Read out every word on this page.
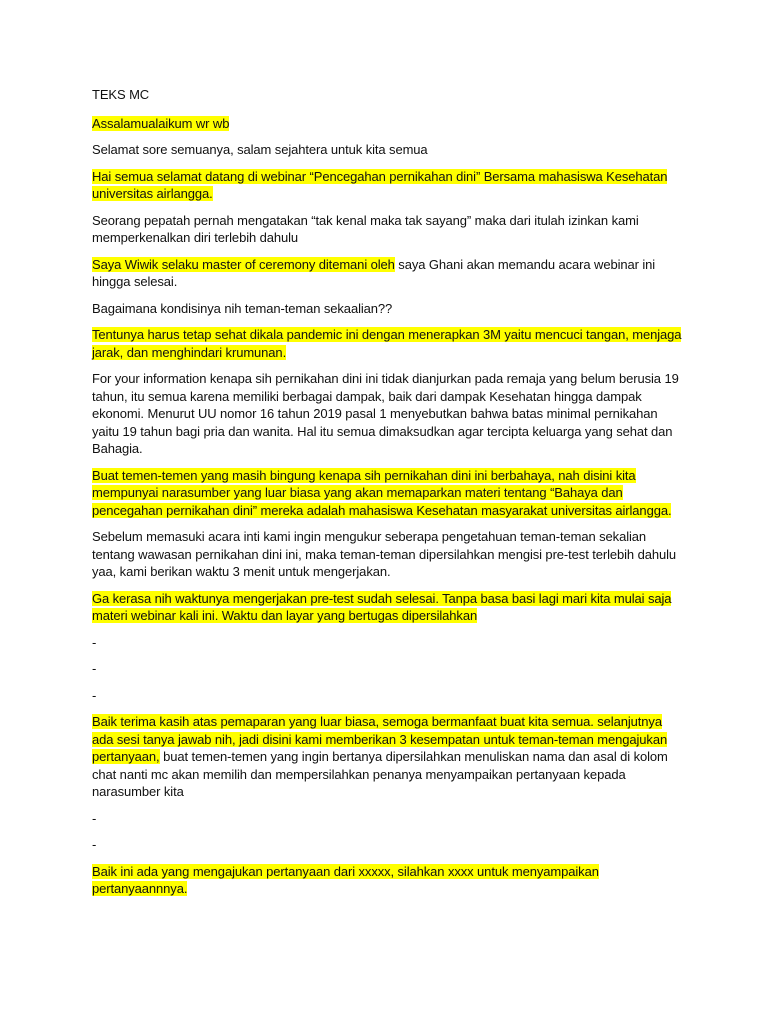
TEKS MC

Assalamualaikum wr wb

Selamat sore semuanya, salam sejahtera untuk kita semua

Hai semua selamat datang di webinar “Pencegahan pernikahan dini” Bersama mahasiswa Kesehatan universitas airlangga.

Seorang pepatah pernah mengatakan “tak kenal maka tak sayang” maka dari itulah izinkan kami memperkenalkan diri terlebih dahulu

Saya Wiwik selaku master of ceremony ditemani oleh saya Ghani akan memandu acara webinar ini hingga selesai.

Bagaimana kondisinya nih teman-teman sekaalian??

Tentunya harus tetap sehat dikala pandemic ini dengan menerapkan 3M yaitu mencuci tangan, menjaga jarak, dan menghindari krumunan.

For your information kenapa sih pernikahan dini ini tidak dianjurkan pada remaja yang belum berusia 19 tahun, itu semua karena memiliki berbagai dampak, baik dari dampak Kesehatan hingga dampak ekonomi. Menurut UU nomor 16 tahun 2019 pasal 1 menyebutkan bahwa batas minimal pernikahan yaitu 19 tahun bagi pria dan wanita. Hal itu semua dimaksudkan agar tercipta keluarga yang sehat dan Bahagia.

Buat temen-temen yang masih bingung kenapa sih pernikahan dini ini berbahaya, nah disini kita mempunyai narasumber yang luar biasa yang akan memaparkan materi tentang “Bahaya dan pencegahan pernikahan dini” mereka adalah mahasiswa Kesehatan masyarakat universitas airlangga.

Sebelum memasuki acara inti kami ingin mengukur seberapa pengetahuan teman-teman sekalian tentang wawasan pernikahan dini ini, maka teman-teman dipersilahkan mengisi pre-test terlebih dahulu yaa, kami berikan waktu 3 menit untuk mengerjakan.

Ga kerasa nih waktunya mengerjakan pre-test sudah selesai. Tanpa basa basi lagi mari kita mulai saja materi webinar kali ini. Waktu dan layar yang bertugas dipersilahkan

-

-

-

Baik terima kasih atas pemaparan yang luar biasa, semoga bermanfaat buat kita semua. selanjutnya ada sesi tanya jawab nih, jadi disini kami memberikan 3 kesempatan untuk teman-teman mengajukan pertanyaan, buat temen-temen yang ingin bertanya dipersilahkan menuliskan nama dan asal di kolom chat nanti mc akan memilih dan mempersilahkan penanya menyampaikan pertanyaan kepada narasumber kita

-

-

Baik ini ada yang mengajukan pertanyaan dari xxxxx, silahkan xxxx untuk menyampaikan pertanyaannnya.
